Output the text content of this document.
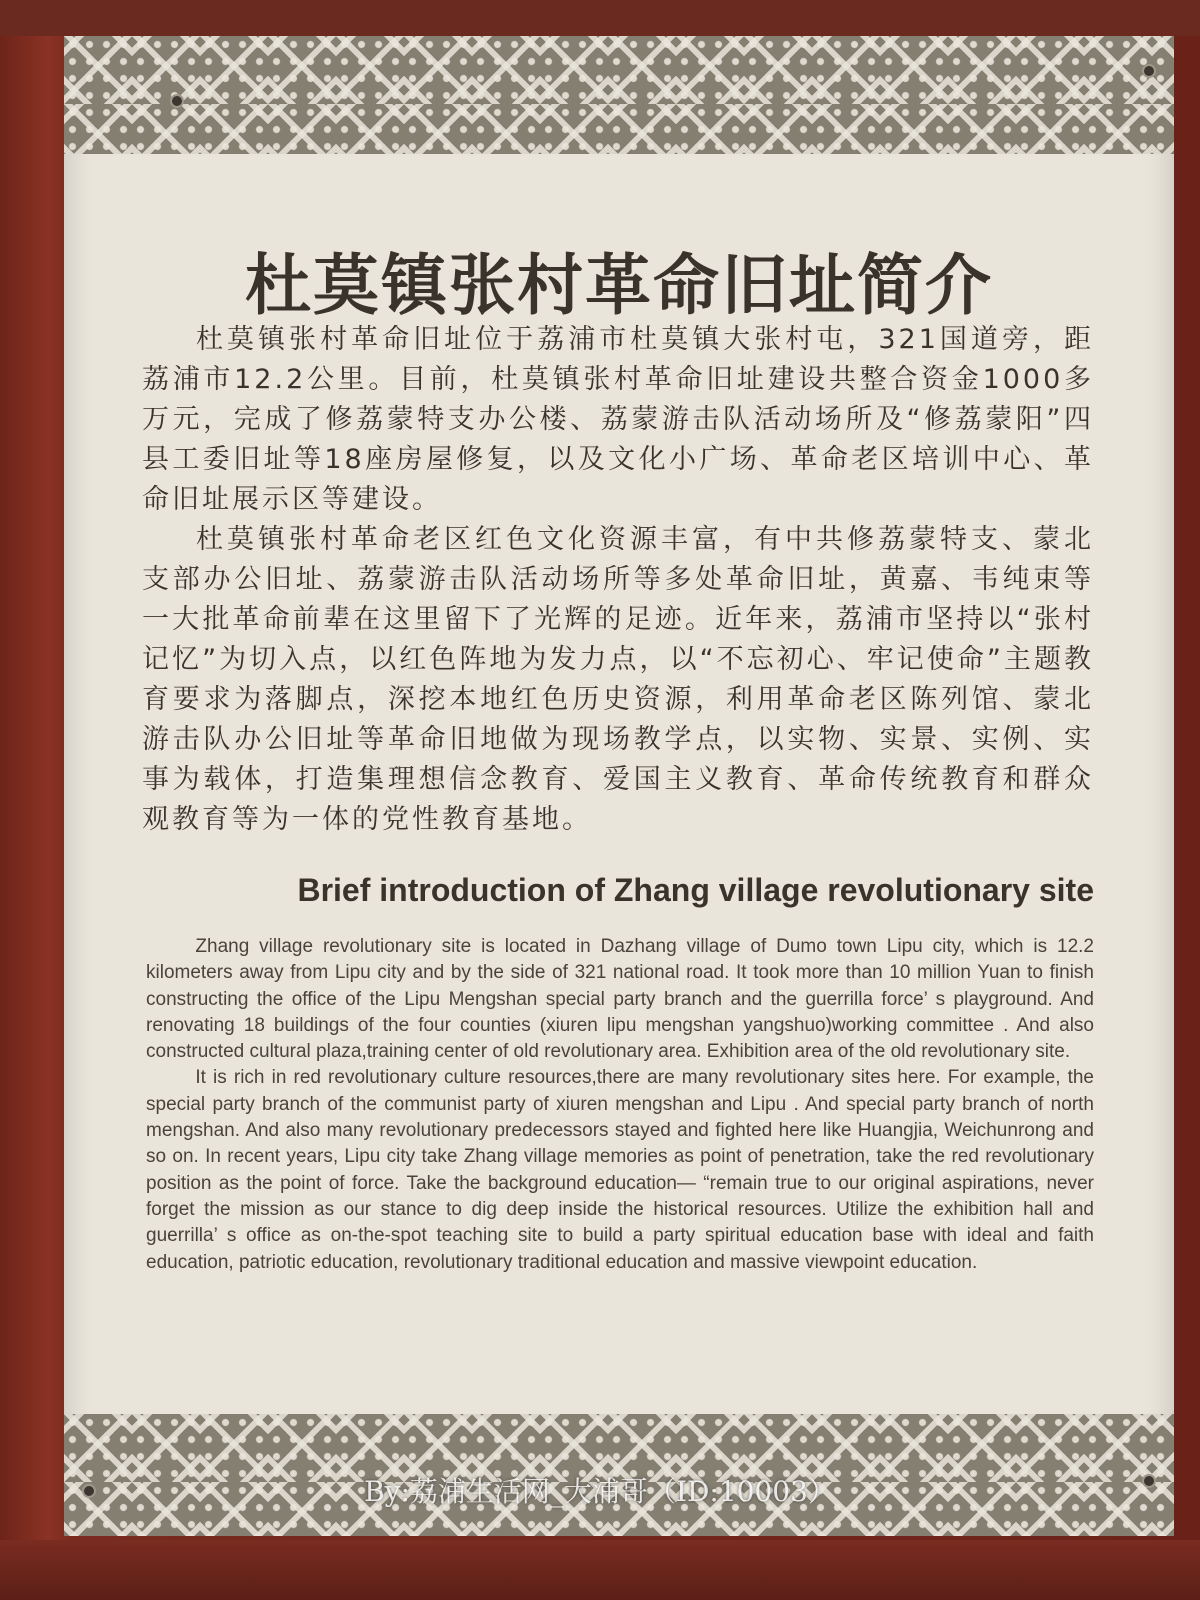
杜莫镇张村革命旧址简介

杜莫镇张村革命旧址位于荔浦市杜莫镇大张村屯，321国道旁，距荔浦市12.2公里。目前，杜莫镇张村革命旧址建设共整合资金1000多万元，完成了修荔蒙特支办公楼、荔蒙游击队活动场所及“修荔蒙阳”四县工委旧址等18座房屋修复，以及文化小广场、革命老区培训中心、革命旧址展示区等建设。

杜莫镇张村革命老区红色文化资源丰富，有中共修荔蒙特支、蒙北支部办公旧址、荔蒙游击队活动场所等多处革命旧址，黄嘉、韦纯束等一大批革命前辈在这里留下了光辉的足迹。近年来，荔浦市坚持以“张村记忆”为切入点，以红色阵地为发力点，以“不忘初心、牢记使命”主题教育要求为落脚点，深挖本地红色历史资源，利用革命老区陈列馆、蒙北游击队办公旧址等革命旧地做为现场教学点，以实物、实景、实例、实事为载体，打造集理想信念教育、爱国主义教育、革命传统教育和群众观教育等为一体的党性教育基地。

Brief introduction of Zhang village revolutionary site

Zhang village revolutionary site is located in Dazhang village of Dumo town Lipu city, which is 12.2 kilometers away from Lipu city and by the side of 321 national road. It took more than 10 million Yuan to finish constructing the office of the Lipu Mengshan special party branch and the guerrilla force’ s playground. And renovating 18 buildings of the four counties (xiuren lipu mengshan yangshuo)working committee . And also constructed cultural plaza,training center of old revolutionary area. Exhibition area of the old revolutionary site.

It is rich in red revolutionary culture resources,there are many revolutionary sites here. For example, the special party branch of the communist party of xiuren mengshan and Lipu . And special party branch of north mengshan. And also many revolutionary predecessors stayed and fighted here like Huangjia, Weichunrong and so on. In recent years, Lipu city take Zhang village memories as point of penetration, take the red revolutionary position as the point of force. Take the background education— “remain true to our original aspirations, never forget the mission as our stance to dig deep inside the historical resources. Utilize the exhibition hall and guerrilla’ s office as on-the-spot teaching site to build a party spiritual education base with ideal and faith education, patriotic education, revolutionary traditional education and massive viewpoint education.

By:荔浦生活网_大浦哥（ID:10003）
